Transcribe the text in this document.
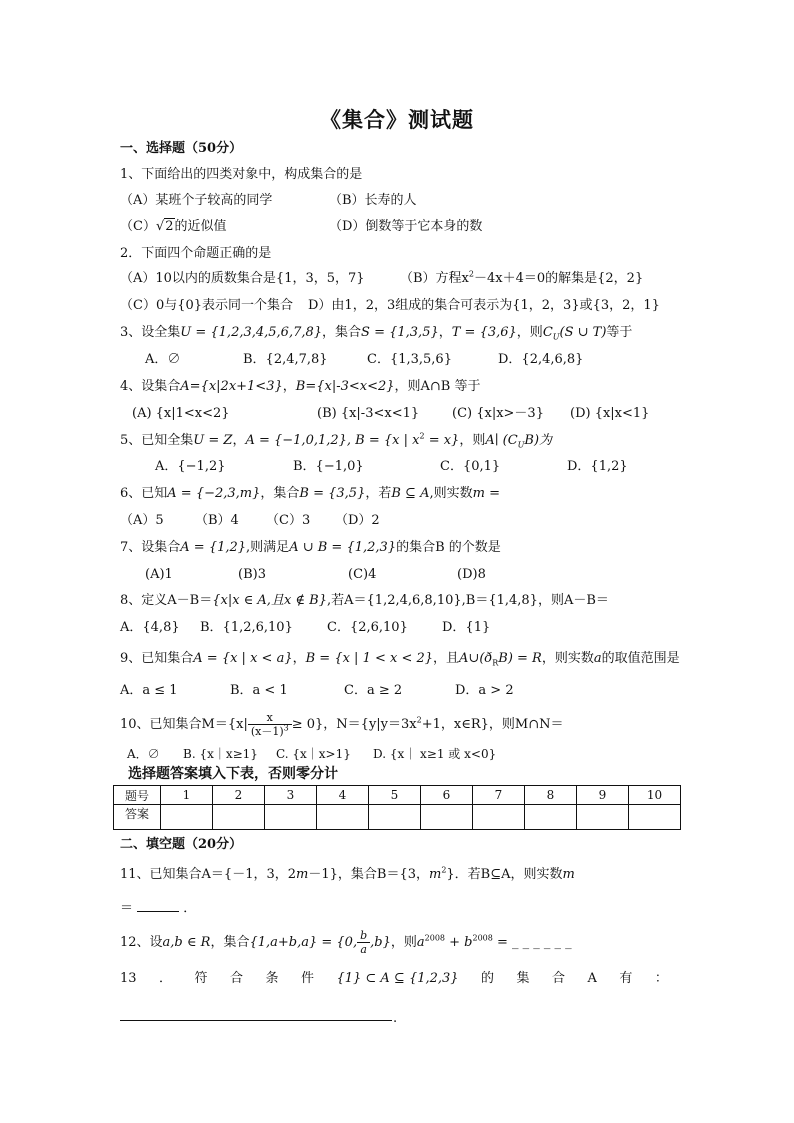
《集合》测试题
一、选择题（50分）
1、下面给出的四类对象中，构成集合的是
（A）某班个子较高的同学	（B）长寿的人
（C）√2的近似值	（D）倒数等于它本身的数
2．下面四个命题正确的是
（A）10以内的质数集合是{1，3，5，7}	（B）方程$x^2-4x+4=0$的解集是{2，2}
（C）0与{0}表示同一个集合 D）由1，2，3组成的集合可表示为{1，2，3}或{3，2，1}
3、设全集U = {1,2,3,4,5,6,7,8}，集合S = {1,3,5}，T = {3,6}，则$C_U(S$ ∪ T)等于
A．∅	B．{2,4,7,8}	C．{1,3,5,6}	D．{2,4,6,8}
4、设集合A={x|2x+1<3}，B={x|-3<x<2}，则A∩B 等于
(A) {x|1<x<2}	(B) {x|-3<x<1}	(C) {x|x>－3} (D) {x|x<1}
5、已知全集U = Z，A = {−1,0,1,2}, B = {x | $x^2 = x$}，则A∣ $(C_UB)$为
A．{−1,2}	B．{−1,0}	C．{0,1}	D．{1,2}
6、已知A = {−2,3,m}，集合B = {3,5}，若B ⊆ A,则实数m =
（A）5 （B）4 （C）3 （D）2
7、设集合A = {1,2},则满足A ∪ B = {1,2,3}的集合B 的个数是
(A)1	(B)3	(C)4	(D)8
8、定义A－B＝{x|x ∈ A,且x ∉ B},若A＝{1,2,4,6,8,10},B＝{1,4,8}，则A－B＝
A．{4,8} B．{1,2,6,10}	C．{2,6,10}	D．{1}
9、已知集合A = {x | x < a}，B = {x | 1 < x < 2}，且$A\cup(ð_RB) = R$，则实数a的取值范围是
A．a ≤ 1	B．a < 1	C．a ≥ 2	D．a > 2
10、已知集合$M=\{x| \frac{x}{(x-1)^3} \ge 0\}$，$N=\{y|y=3x^2+1$，x∈R}，则M∩N＝
A．∅ B. {x｜x≥1} C. {x｜x>1} D. {x｜ x≥1 或 x<0}
选择题答案填入下表，否则零分计
题号	1	2	3	4	5	6	7	8	9	10
答案										
二、填空题（20分）
11、已知集合A＝{－1，3，2m－1}，集合B＝{3，$m^2$}．若B⊆A，则实数m
＝	．
12、设a,b ∈ R，集合{1,a+b,a} = {0, $\frac{b}{a} ,b$}，则$a^{2008} + b^{2008}$ = _ _ _ _ _ _
13 ． 符 合 条 件 {1} ⊂ A ⊆ {1,2,3} 的 集 合 A 有 ：
.
